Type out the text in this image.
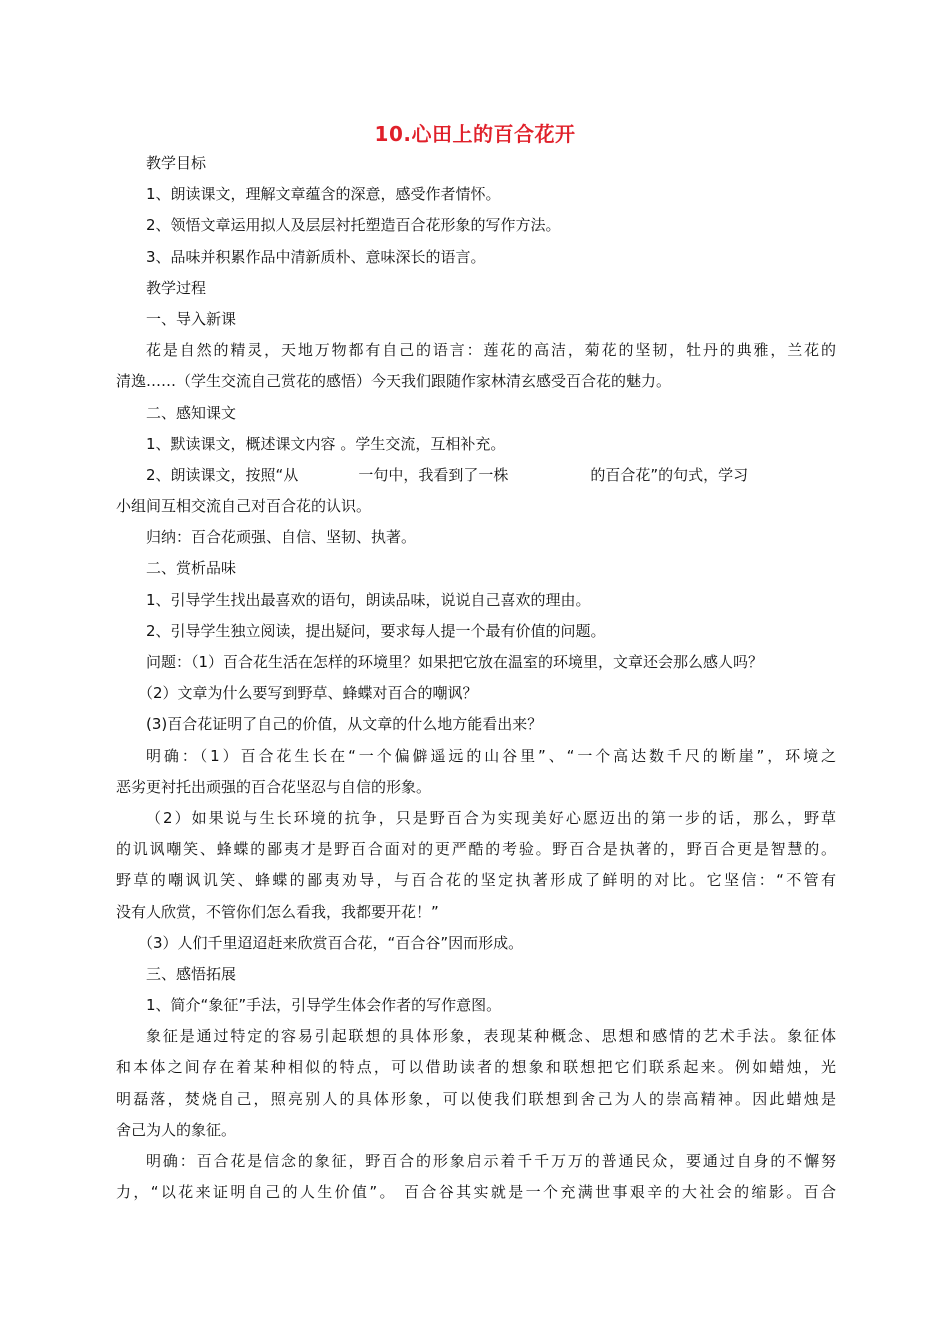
10.心田上的百合花开
教学目标
1、朗读课文，理解文章蕴含的深意，感受作者情怀。
2、领悟文章运用拟人及层层衬托塑造百合花形象的写作方法。
3、品味并积累作品中清新质朴、意味深长的语言。
教学过程
一、导入新课
花是自然的精灵，天地万物都有自己的语言：莲花的高洁，菊花的坚韧，牡丹的典雅，兰花的
清逸……（学生交流自己赏花的感悟）今天我们跟随作家林清玄感受百合花的魅力。
二、感知课文
1、默读课文，概述课文内容 。学生交流，互相补充。
2、朗读课文，按照“从	一句中，我看到了一株	的百合花”的句式，学习
小组间互相交流自己对百合花的认识。
归纳：百合花顽强、自信、坚韧、执著。
二、赏析品味
1、引导学生找出最喜欢的语句，朗读品味，说说自己喜欢的理由。
2、引导学生独立阅读，提出疑问，要求每人提一个最有价值的问题。
问题：（1）百合花生活在怎样的环境里？如果把它放在温室的环境里，文章还会那么感人吗？
（2）文章为什么要写到野草、蜂蝶对百合的嘲讽？
(3)百合花证明了自己的价值，从文章的什么地方能看出来？
明确：（1）百合花生长在“一个偏僻遥远的山谷里”、“一个高达数千尺的断崖”，环境之
恶劣更衬托出顽强的百合花坚忍与自信的形象。
（2）如果说与生长环境的抗争，只是野百合为实现美好心愿迈出的第一步的话，那么，野草
的讥讽嘲笑、蜂蝶的鄙夷才是野百合面对的更严酷的考验。野百合是执著的，野百合更是智慧的。
野草的嘲讽讥笑、蜂蝶的鄙夷劝导，与百合花的坚定执著形成了鲜明的对比。它坚信：“不管有
没有人欣赏，不管你们怎么看我，我都要开花！”
（3）人们千里迢迢赶来欣赏百合花，“百合谷”因而形成。
三、感悟拓展
1、简介“象征”手法，引导学生体会作者的写作意图。
象征是通过特定的容易引起联想的具体形象，表现某种概念、思想和感情的艺术手法。象征体
和本体之间存在着某种相似的特点，可以借助读者的想象和联想把它们联系起来。例如蜡烛，光
明磊落，焚烧自己，照亮别人的具体形象，可以使我们联想到舍己为人的崇高精神。因此蜡烛是
舍己为人的象征。
明确：百合花是信念的象征，野百合的形象启示着千千万万的普通民众，要通过自身的不懈努
力，“以花来证明自己的人生价值”。 百合谷其实就是一个充满世事艰辛的大社会的缩影。百合
